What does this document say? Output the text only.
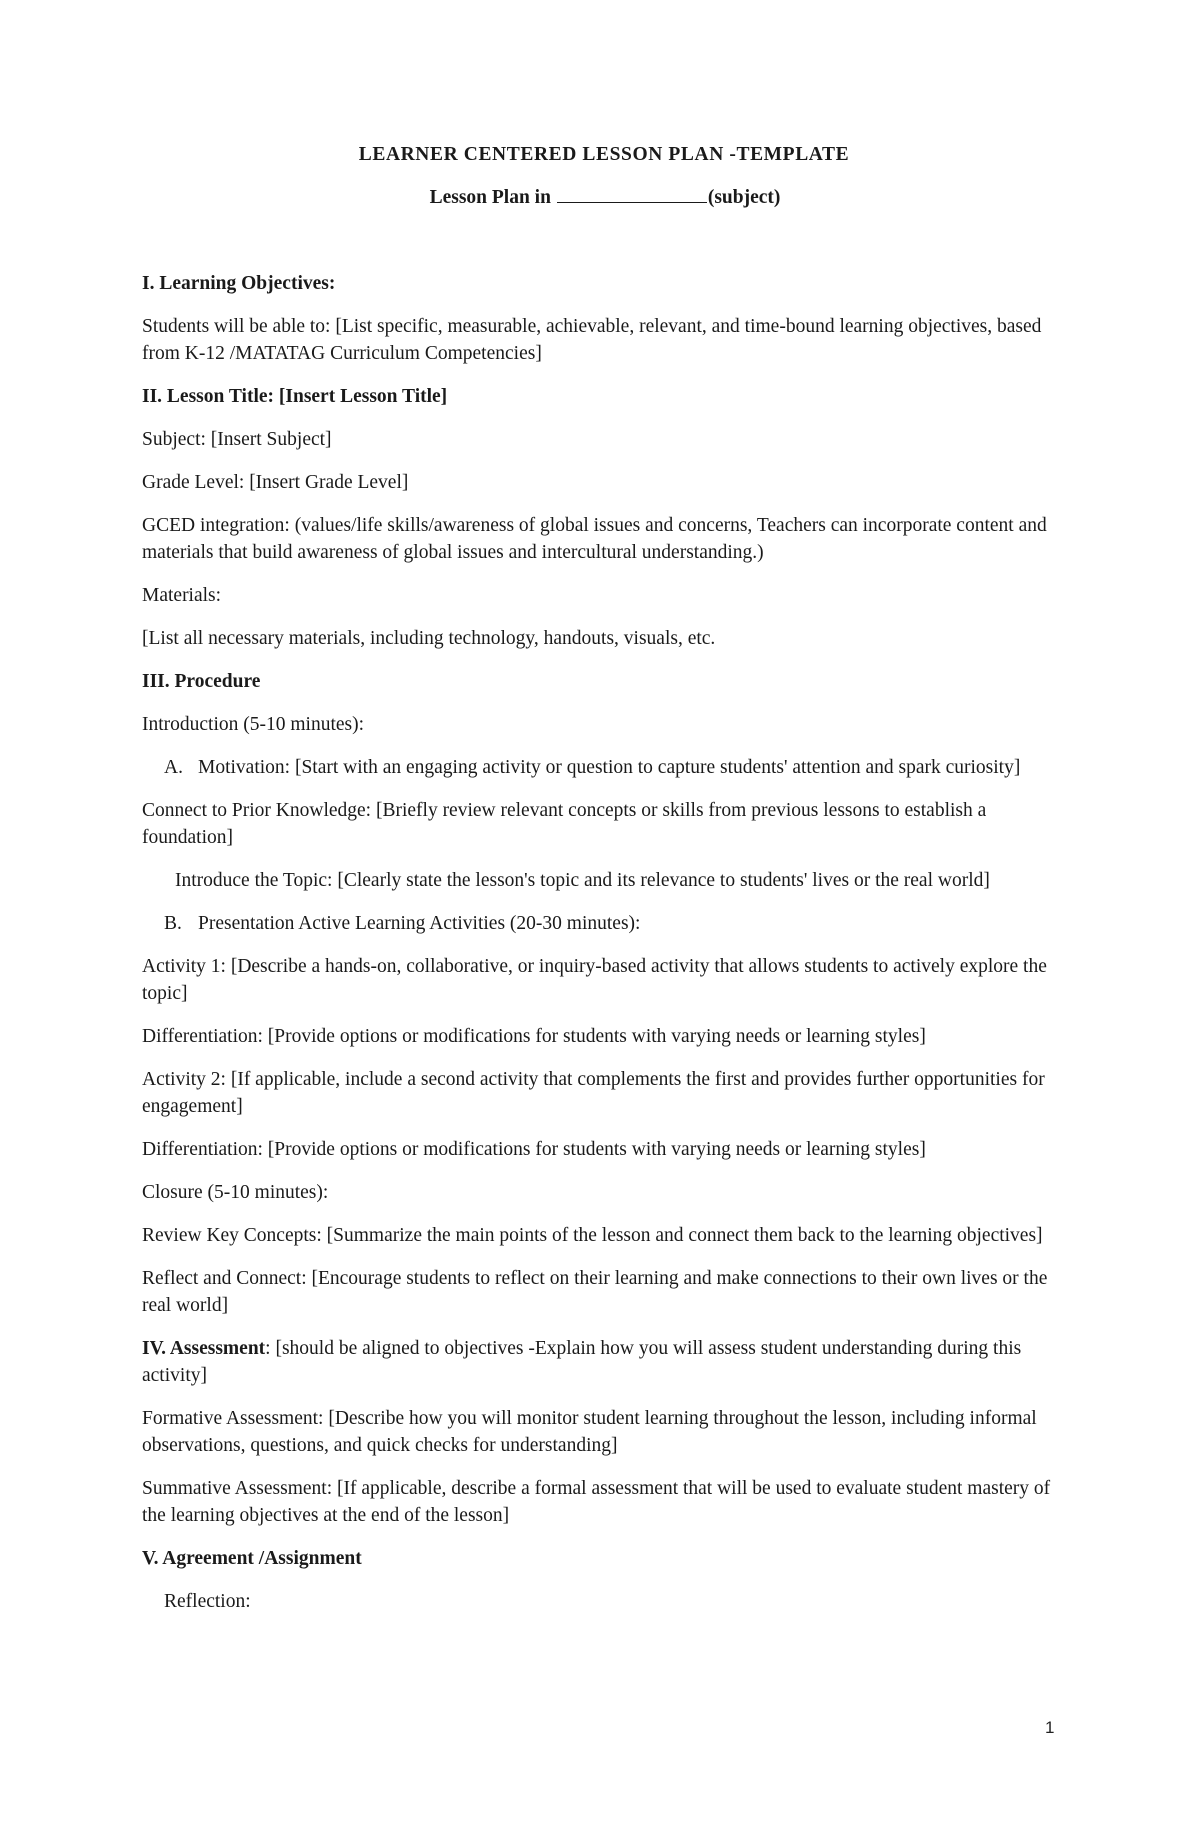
LEARNER CENTERED LESSON PLAN -TEMPLATE

Lesson Plan in	(subject)

I. Learning Objectives:

Students will be able to: [List specific, measurable, achievable, relevant, and time-bound learning objectives, based from K-12 /MATATAG Curriculum Competencies]

II. Lesson Title: [Insert Lesson Title]

Subject: [Insert Subject]

Grade Level: [Insert Grade Level]

GCED integration: (values/life skills/awareness of global issues and concerns, Teachers can incorporate content and materials that build awareness of global issues and intercultural understanding.)

Materials:

[List all necessary materials, including technology, handouts, visuals, etc.

III. Procedure

Introduction (5-10 minutes):

A. Motivation: [Start with an engaging activity or question to capture students' attention and spark curiosity]

Connect to Prior Knowledge: [Briefly review relevant concepts or skills from previous lessons to establish a foundation]

Introduce the Topic: [Clearly state the lesson's topic and its relevance to students' lives or the real world]

B. Presentation Active Learning Activities (20-30 minutes):

Activity 1: [Describe a hands-on, collaborative, or inquiry-based activity that allows students to actively explore the topic]

Differentiation: [Provide options or modifications for students with varying needs or learning styles]

Activity 2: [If applicable, include a second activity that complements the first and provides further opportunities for engagement]

Differentiation: [Provide options or modifications for students with varying needs or learning styles]

Closure (5-10 minutes):

Review Key Concepts: [Summarize the main points of the lesson and connect them back to the learning objectives]

Reflect and Connect: [Encourage students to reflect on their learning and make connections to their own lives or the real world]

IV. Assessment: [should be aligned to objectives -Explain how you will assess student understanding during this activity]

Formative Assessment: [Describe how you will monitor student learning throughout the lesson, including informal observations, questions, and quick checks for understanding]

Summative Assessment: [If applicable, describe a formal assessment that will be used to evaluate student mastery of the learning objectives at the end of the lesson]

V. Agreement /Assignment

Reflection:

1
